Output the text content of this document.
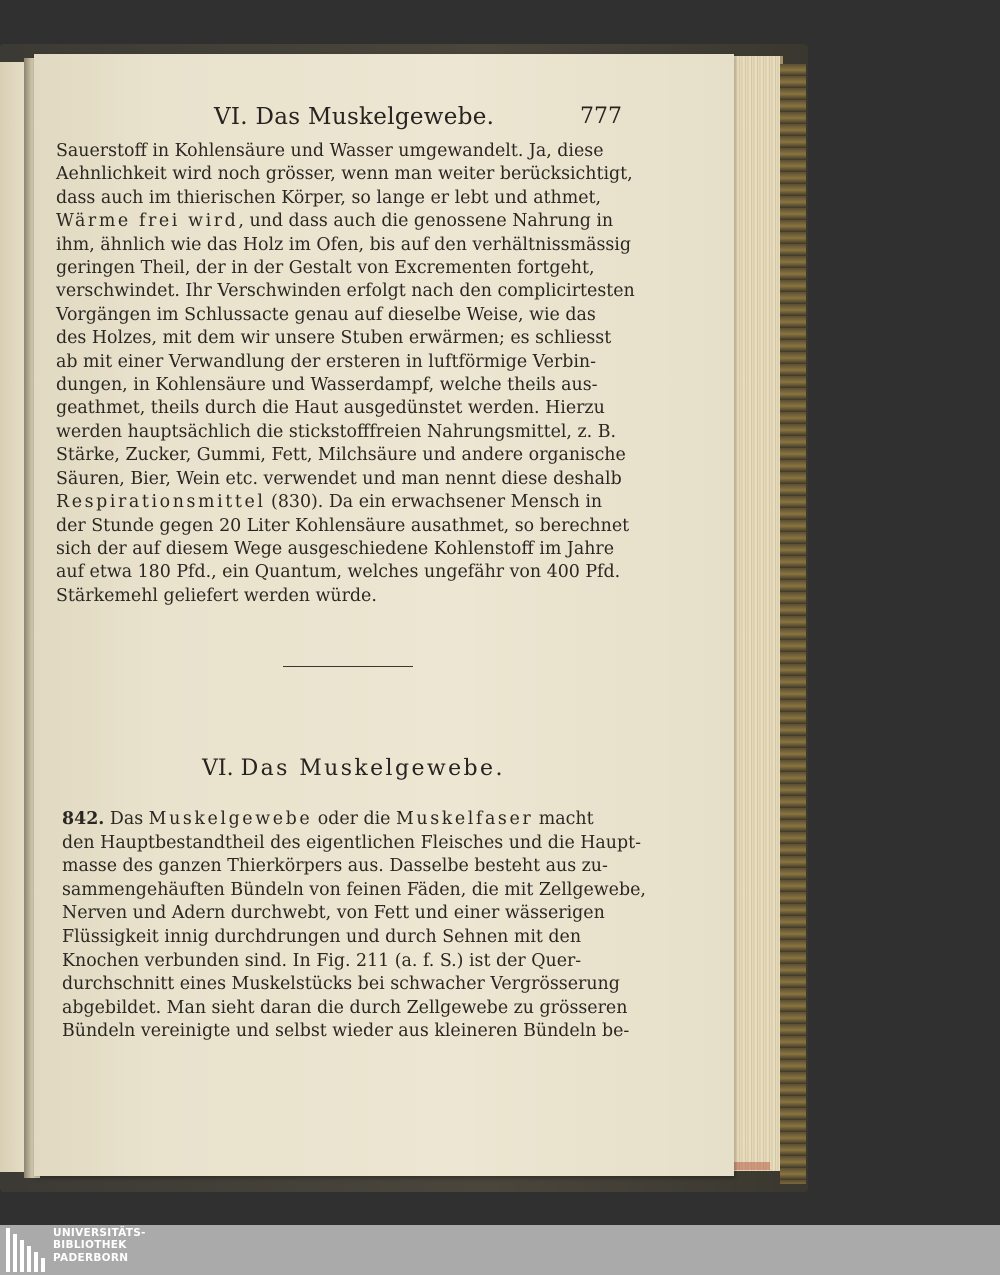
VI. Das Muskelgewebe.	777
Sauerstoff in Kohlensäure und Wasser umgewandelt. Ja, diese
Aehnlichkeit wird noch grösser, wenn man weiter berücksichtigt,
dass auch im thierischen Körper, so lange er lebt und athmet,
Wärme frei wird, und dass auch die genossene Nahrung in
ihm, ähnlich wie das Holz im Ofen, bis auf den verhältnissmässig
geringen Theil, der in der Gestalt von Excrementen fortgeht,
verschwindet. Ihr Verschwinden erfolgt nach den complicirtesten
Vorgängen im Schlussacte genau auf dieselbe Weise, wie das
des Holzes, mit dem wir unsere Stuben erwärmen; es schliesst
ab mit einer Verwandlung der ersteren in luftförmige Verbin-
dungen, in Kohlensäure und Wasserdampf, welche theils aus-
geathmet, theils durch die Haut ausgedünstet werden. Hierzu
werden hauptsächlich die stickstofffreien Nahrungsmittel, z. B.
Stärke, Zucker, Gummi, Fett, Milchsäure und andere organische
Säuren, Bier, Wein etc. verwendet und man nennt diese deshalb
Respirationsmittel (830). Da ein erwachsener Mensch in
der Stunde gegen 20 Liter Kohlensäure ausathmet, so berechnet
sich der auf diesem Wege ausgeschiedene Kohlenstoff im Jahre
auf etwa 180 Pfd., ein Quantum, welches ungefähr von 400 Pfd.
Stärkemehl geliefert werden würde.
VI. Das Muskelgewebe.
842. Das Muskelgewebe oder die Muskelfaser macht
den Hauptbestandtheil des eigentlichen Fleisches und die Haupt-
masse des ganzen Thierkörpers aus. Dasselbe besteht aus zu-
sammengehäuften Bündeln von feinen Fäden, die mit Zellgewebe,
Nerven und Adern durchwebt, von Fett und einer wässerigen
Flüssigkeit innig durchdrungen und durch Sehnen mit den
Knochen verbunden sind. In Fig. 211 (a. f. S.) ist der Quer-
durchschnitt eines Muskelstücks bei schwacher Vergrösserung
abgebildet. Man sieht daran die durch Zellgewebe zu grösseren
Bündeln vereinigte und selbst wieder aus kleineren Bündeln be-
UNIVERSITÄTS-
BIBLIOTHEK
PADERBORN
